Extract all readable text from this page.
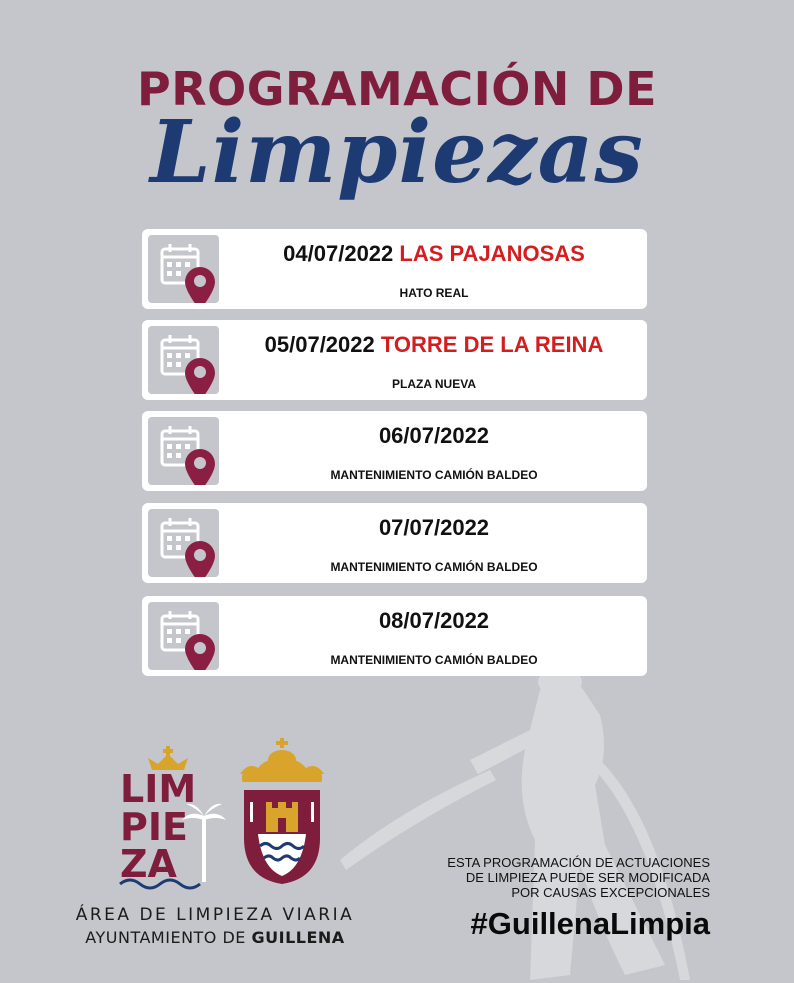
PROGRAMACIÓN DE
Limpiezas
04/07/2022 LAS PAJANOSAS
HATO REAL
05/07/2022 TORRE DE LA REINA
PLAZA NUEVA
06/07/2022
MANTENIMIENTO CAMIÓN BALDEO
07/07/2022
MANTENIMIENTO CAMIÓN BALDEO
08/07/2022
MANTENIMIENTO CAMIÓN BALDEO
LIM
PIE
ZA
ÁREA DE LIMPIEZA VIARIA
AYUNTAMIENTO DE GUILLENA
ESTA PROGRAMACIÓN DE ACTUACIONES
DE LIMPIEZA PUEDE SER MODIFICADA
POR CAUSAS EXCEPCIONALES
#GuillenaLimpia
